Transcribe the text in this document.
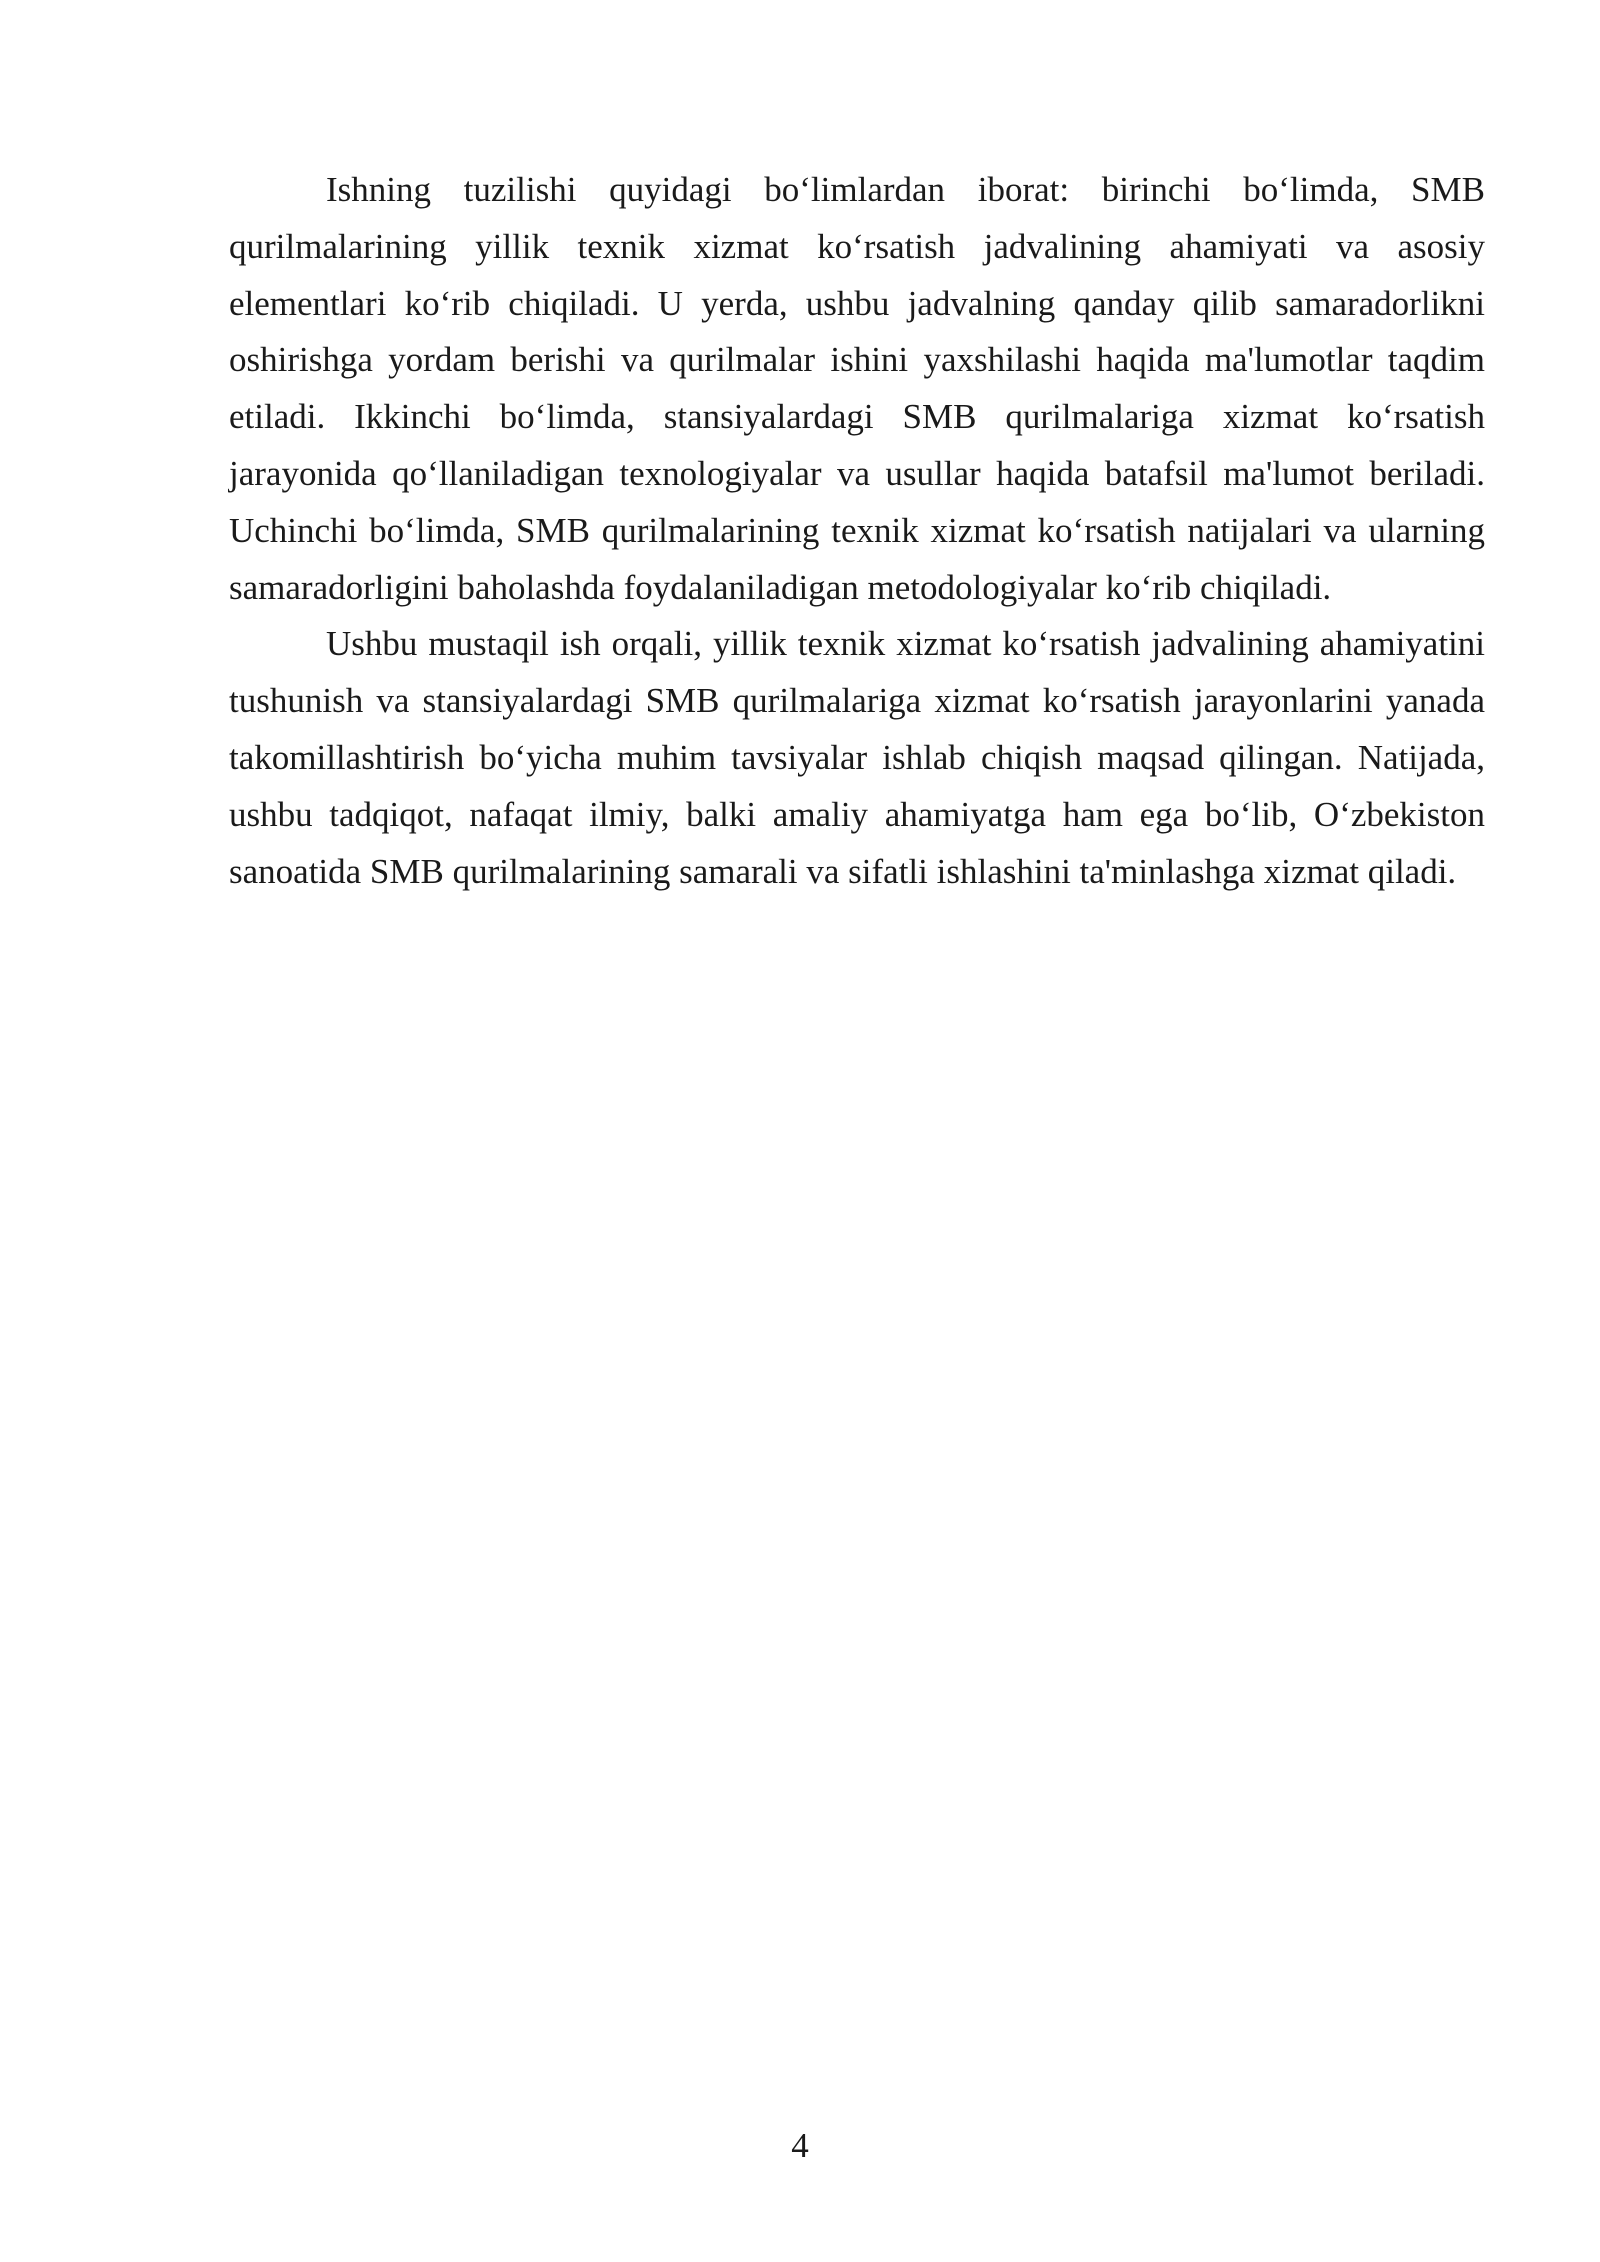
Ishning tuzilishi quyidagi bo‘limlardan iborat: birinchi bo‘limda, SMB qurilmalarining yillik texnik xizmat ko‘rsatish jadvalining ahamiyati va asosiy elementlari ko‘rib chiqiladi. U yerda, ushbu jadvalning qanday qilib samaradorlikni oshirishga yordam berishi va qurilmalar ishini yaxshilashi haqida ma'lumotlar taqdim etiladi. Ikkinchi bo‘limda, stansiyalardagi SMB qurilmalariga xizmat ko‘rsatish jarayonida qo‘llaniladigan texnologiyalar va usullar haqida batafsil ma'lumot beriladi. Uchinchi bo‘limda, SMB qurilmalarining texnik xizmat ko‘rsatish natijalari va ularning samaradorligini baholashda foydalaniladigan metodologiyalar ko‘rib chiqiladi.

Ushbu mustaqil ish orqali, yillik texnik xizmat ko‘rsatish jadvalining ahamiyatini tushunish va stansiyalardagi SMB qurilmalariga xizmat ko‘rsatish jarayonlarini yanada takomillashtirish bo‘yicha muhim tavsiyalar ishlab chiqish maqsad qilingan. Natijada, ushbu tadqiqot, nafaqat ilmiy, balki amaliy ahamiyatga ham ega bo‘lib, O‘zbekiston sanoatida SMB qurilmalarining samarali va sifatli ishlashini ta'minlashga xizmat qiladi.

4
